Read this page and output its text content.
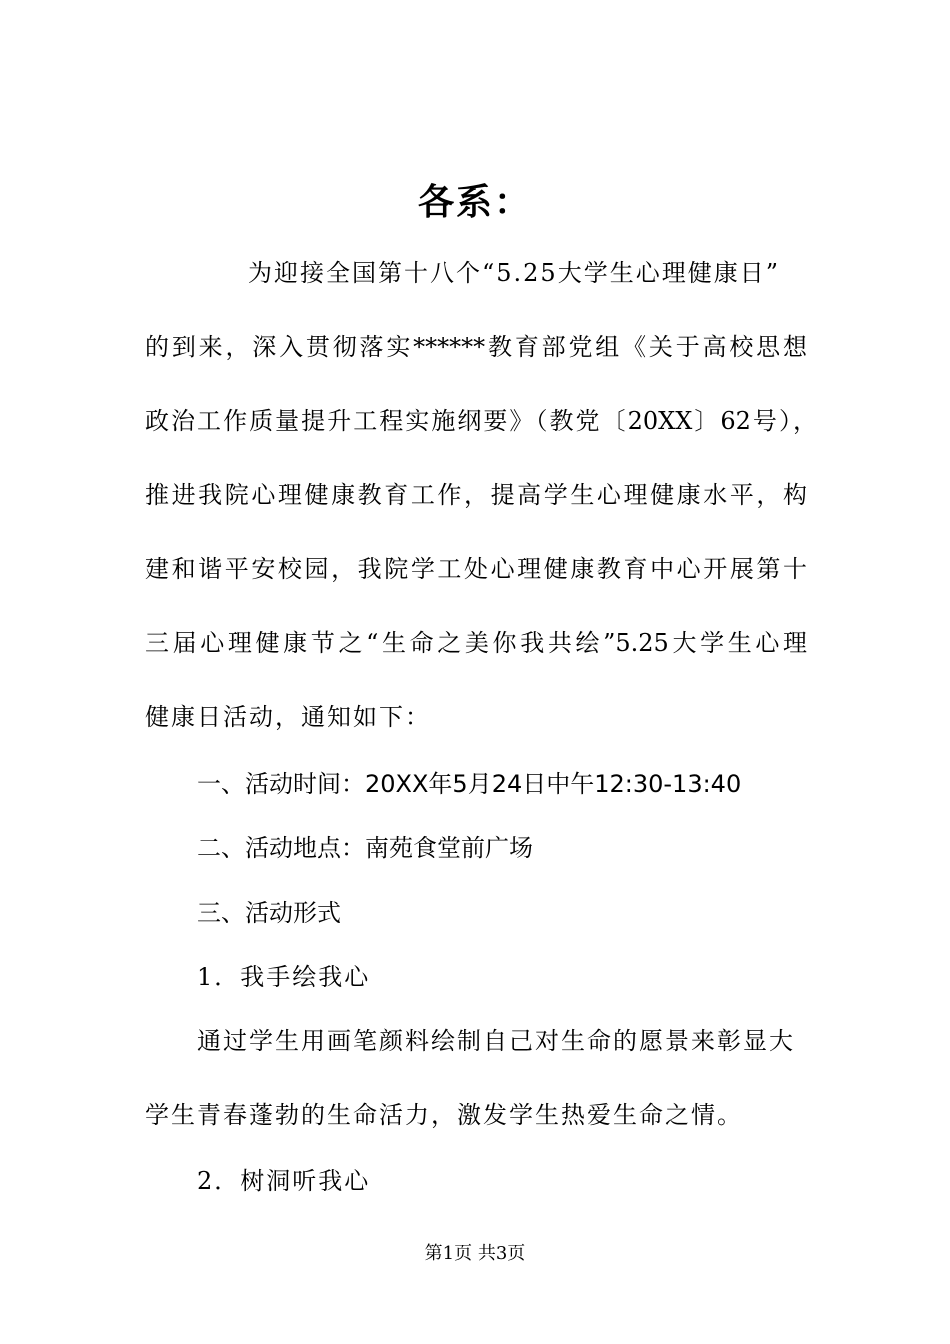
各系：
为迎接全国第十八个“5.25大学生心理健康日”
的到来，深入贯彻落实******教育部党组《关于高校思想
政治工作质量提升工程实施纲要》（教党〔20XX〕62号），
推进我院心理健康教育工作，提高学生心理健康水平，构
建和谐平安校园，我院学工处心理健康教育中心开展第十
三届心理健康节之“生命之美你我共绘”5.25大学生心理
健康日活动，通知如下：
一、活动时间：20XX年5月24日中午12:30-13:40
二、活动地点：南苑食堂前广场
三、活动形式
1．我手绘我心
通过学生用画笔颜料绘制自己对生命的愿景来彰显大
学生青春蓬勃的生命活力，激发学生热爱生命之情。
2．树洞听我心
第1页 共3页
